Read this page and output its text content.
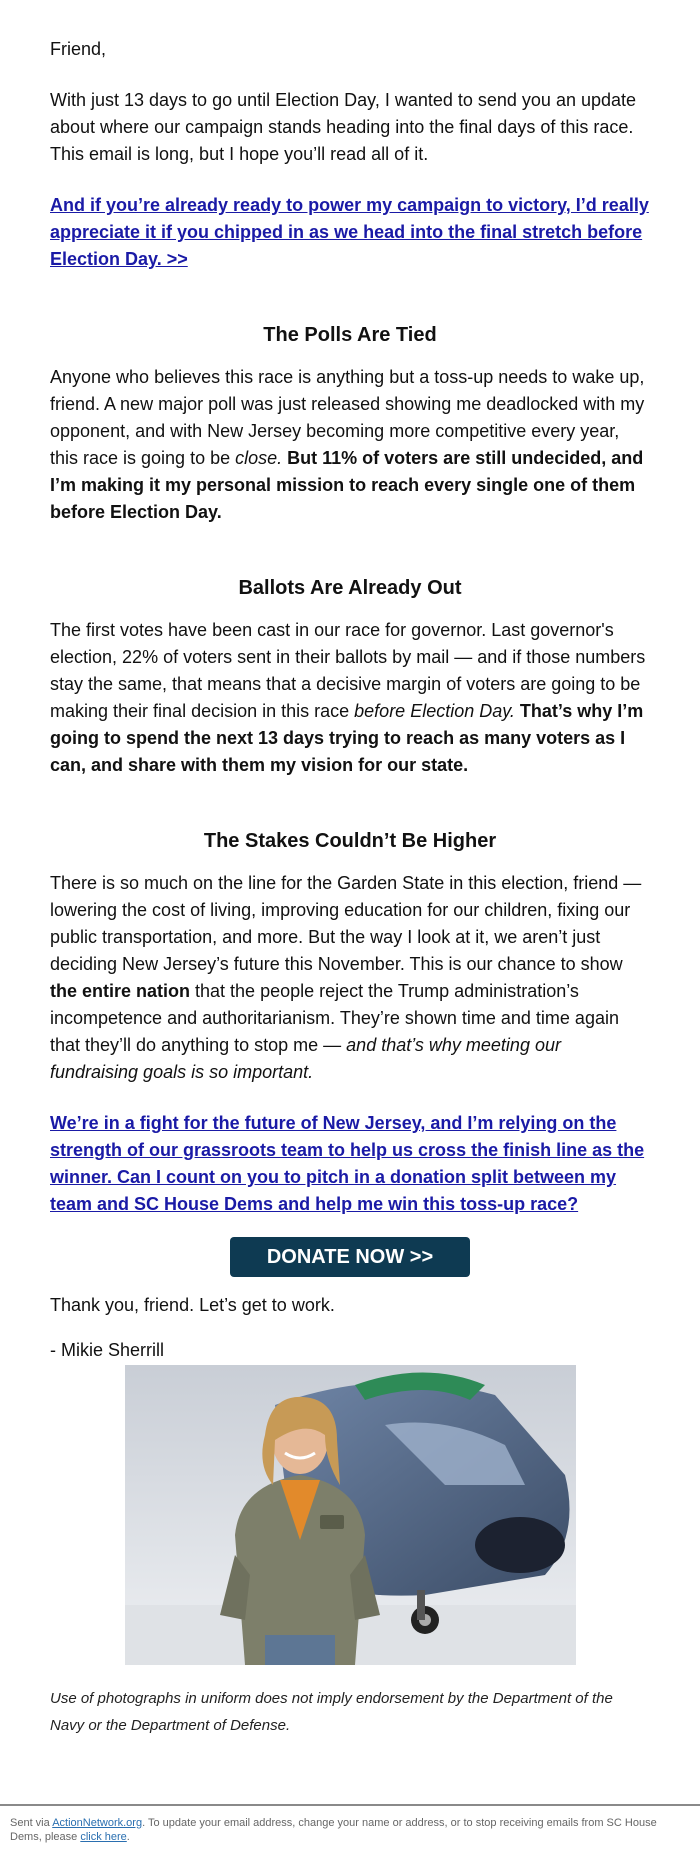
Friend,

With just 13 days to go until Election Day, I wanted to send you an update about where our campaign stands heading into the final days of this race. This email is long, but I hope you’ll read all of it.

And if you’re already ready to power my campaign to victory, I’d really appreciate it if you chipped in as we head into the final stretch before Election Day. >>
The Polls Are Tied

Anyone who believes this race is anything but a toss-up needs to wake up, friend. A new major poll was just released showing me deadlocked with my opponent, and with New Jersey becoming more competitive every year, this race is going to be close. But 11% of voters are still undecided, and I’m making it my personal mission to reach every single one of them before Election Day.

Ballots Are Already Out

The first votes have been cast in our race for governor. Last governor's election, 22% of voters sent in their ballots by mail — and if those numbers stay the same, that means that a decisive margin of voters are going to be making their final decision in this race before Election Day. That’s why I’m going to spend the next 13 days trying to reach as many voters as I can, and share with them my vision for our state.

The Stakes Couldn’t Be Higher

There is so much on the line for the Garden State in this election, friend — lowering the cost of living, improving education for our children, fixing our public transportation, and more. But the way I look at it, we aren’t just deciding New Jersey’s future this November. This is our chance to show the entire nation that the people reject the Trump administration’s incompetence and authoritarianism. They’re shown time and time again that they’ll do anything to stop me — and that’s why meeting our fundraising goals is so important.

We’re in a fight for the future of New Jersey, and I’m relying on the strength of our grassroots team to help us cross the finish line as the winner. Can I count on you to pitch in a donation split between my team and SC House Dems and help me win this toss-up race?
DONATE NOW >>

Thank you, friend. Let’s get to work.

- Mikie Sherrill

Use of photographs in uniform does not imply endorsement by the Department of the Navy or the Department of Defense.

Sent via ActionNetwork.org. To update your email address, change your name or address, or to stop receiving emails from SC House Dems, please click here.
